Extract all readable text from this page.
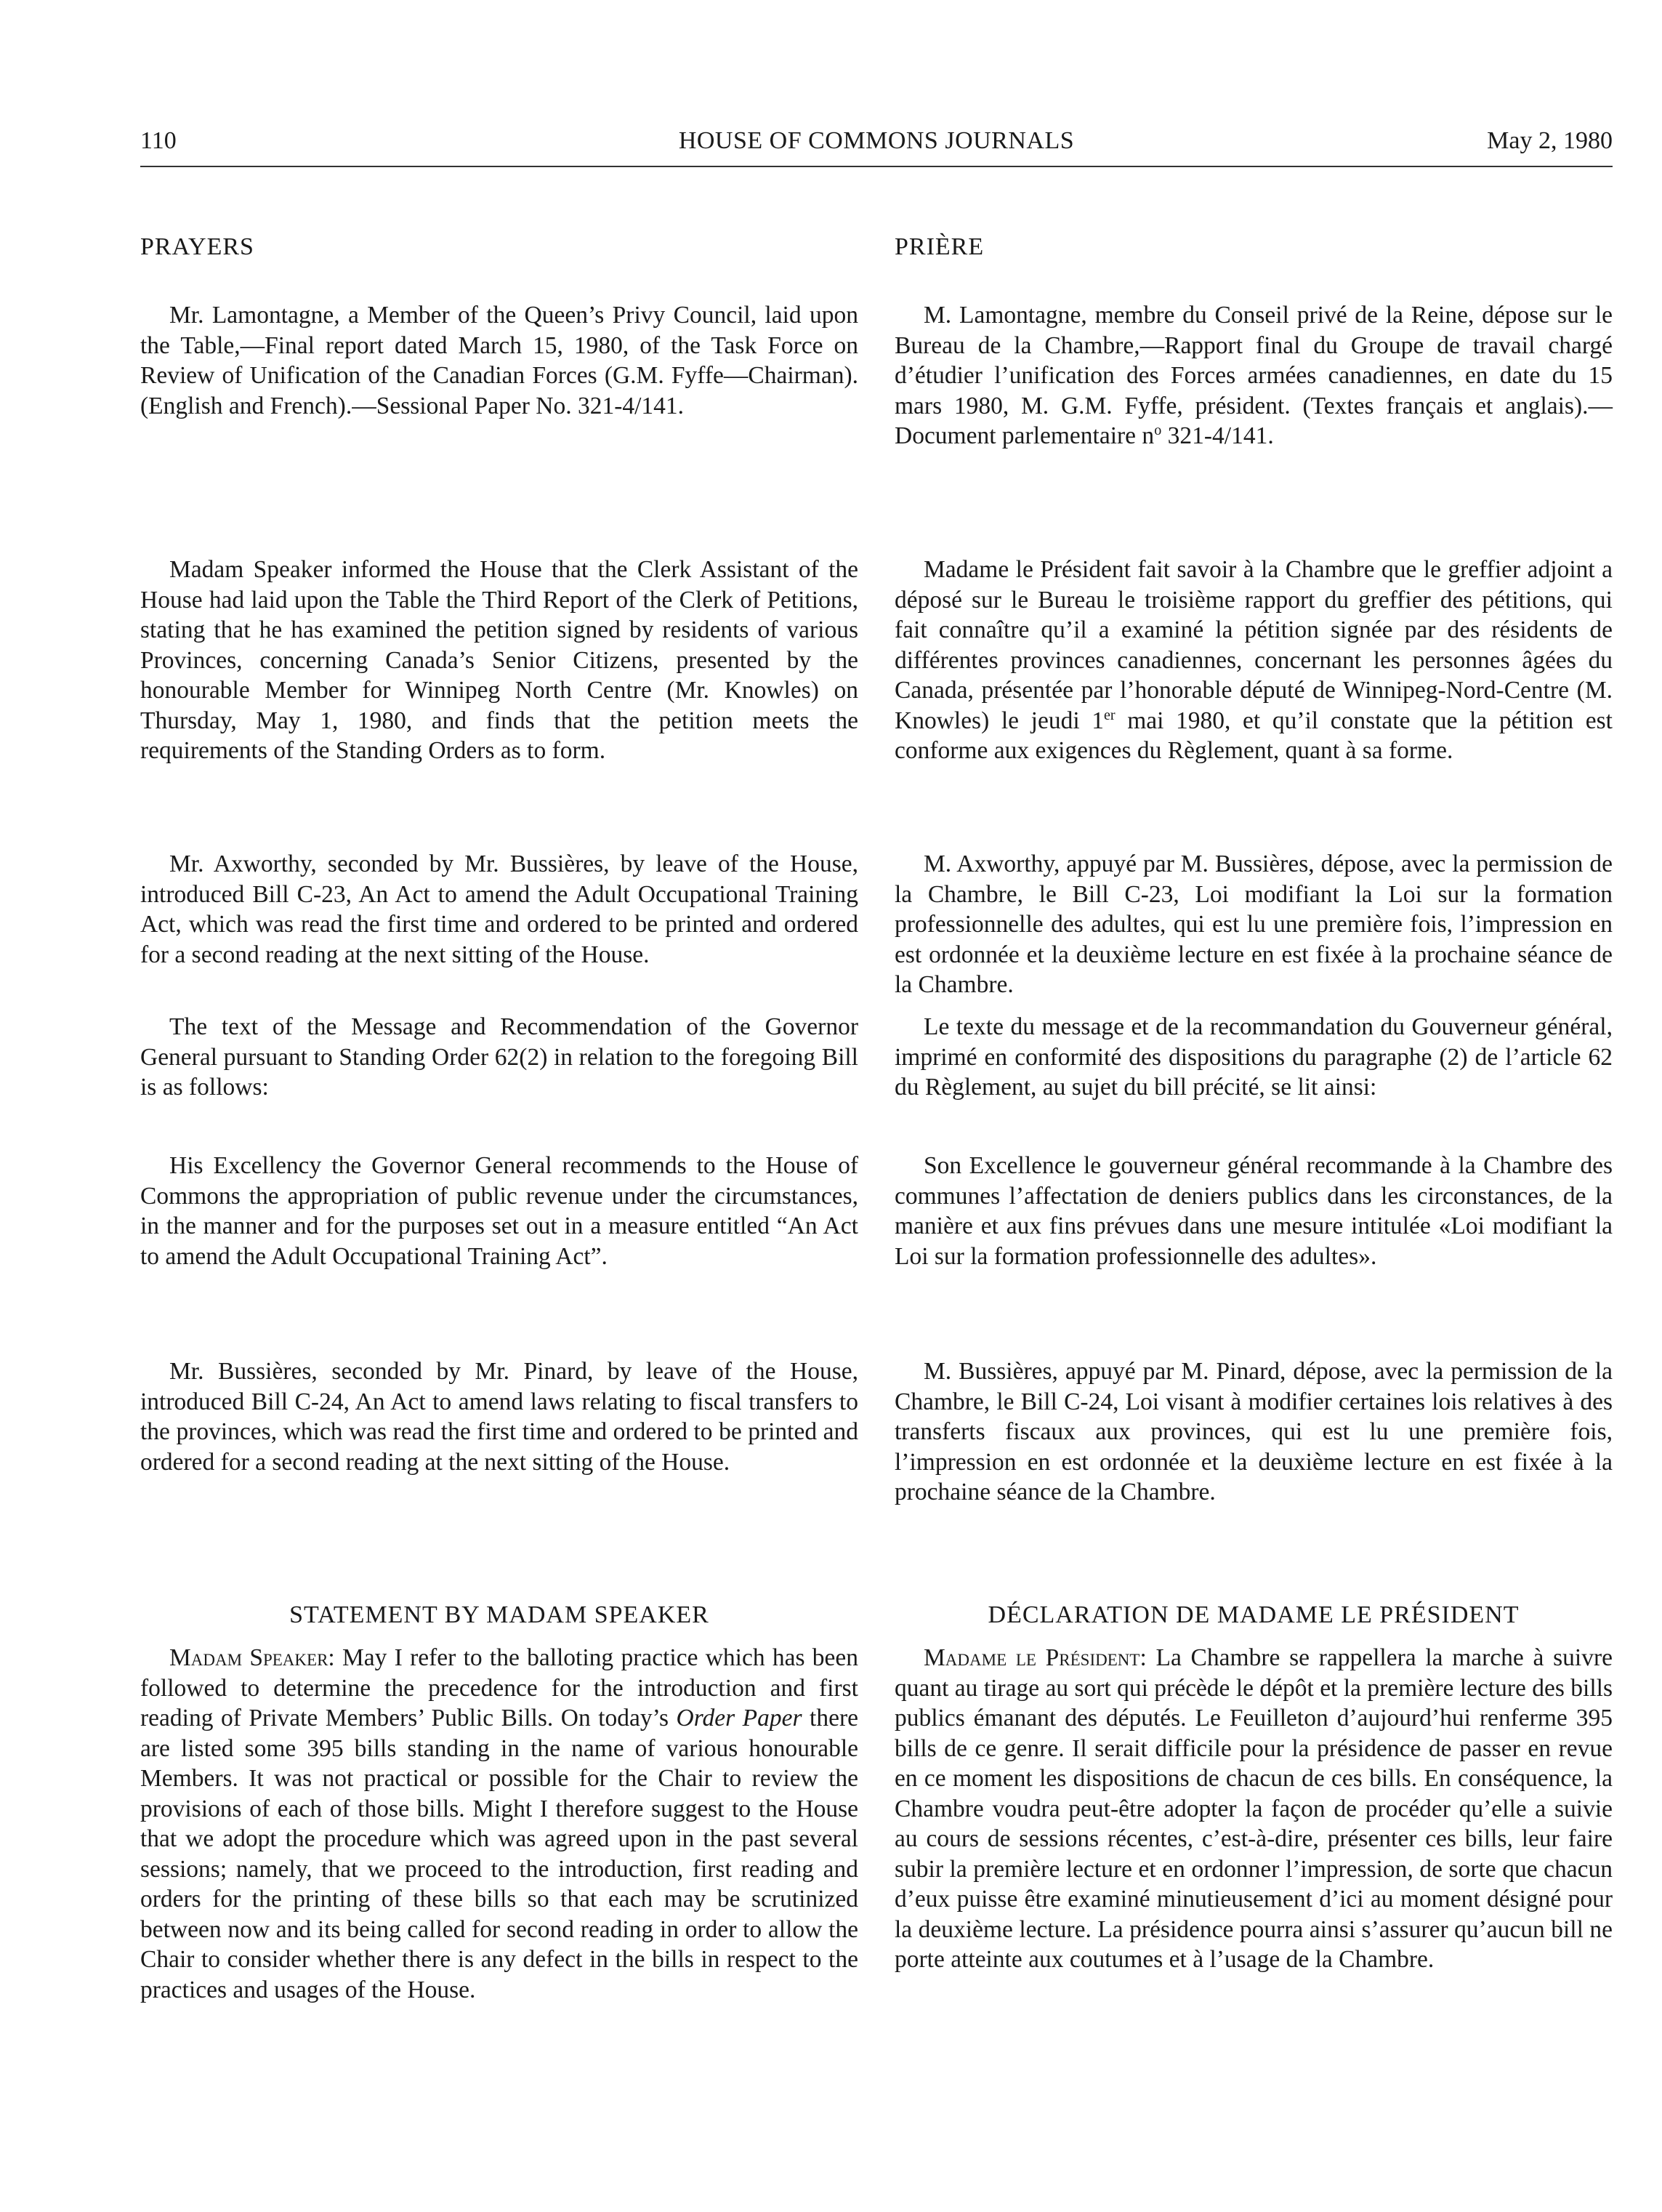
110	HOUSE OF COMMONS JOURNALS	May 2, 1980
PRAYERS

Mr. Lamontagne, a Member of the Queen’s Privy Council, laid upon the Table,—Final report dated March 15, 1980, of the Task Force on Review of Unification of the Canadian Forces (G.M. Fyffe—Chairman). (English and French).—Sessional Paper No. 321-4/141.

Madam Speaker informed the House that the Clerk Assistant of the House had laid upon the Table the Third Report of the Clerk of Petitions, stating that he has examined the petition signed by residents of various Provinces, concerning Canada’s Senior Citizens, presented by the honourable Member for Winnipeg North Centre (Mr. Knowles) on Thursday, May 1, 1980, and finds that the petition meets the requirements of the Standing Orders as to form.

Mr. Axworthy, seconded by Mr. Bussières, by leave of the House, introduced Bill C-23, An Act to amend the Adult Occupational Training Act, which was read the first time and ordered to be printed and ordered for a second reading at the next sitting of the House.

The text of the Message and Recommendation of the Governor General pursuant to Standing Order 62(2) in relation to the foregoing Bill is as follows:

His Excellency the Governor General recommends to the House of Commons the appropriation of public revenue under the circumstances, in the manner and for the purposes set out in a measure entitled “An Act to amend the Adult Occupational Training Act”.

Mr. Bussières, seconded by Mr. Pinard, by leave of the House, introduced Bill C-24, An Act to amend laws relating to fiscal transfers to the provinces, which was read the first time and ordered to be printed and ordered for a second reading at the next sitting of the House.

STATEMENT BY MADAM SPEAKER

Madam Speaker: May I refer to the balloting practice which has been followed to determine the precedence for the introduction and first reading of Private Members’ Public Bills. On today’s Order Paper there are listed some 395 bills standing in the name of various honourable Members. It was not practical or possible for the Chair to review the provisions of each of those bills. Might I therefore suggest to the House that we adopt the procedure which was agreed upon in the past several sessions; namely, that we proceed to the introduction, first reading and orders for the printing of these bills so that each may be scrutinized between now and its being called for second reading in order to allow the Chair to consider whether there is any defect in the bills in respect to the practices and usages of the House.

PRIÈRE

M. Lamontagne, membre du Conseil privé de la Reine, dépose sur le Bureau de la Chambre,—Rapport final du Groupe de travail chargé d’étudier l’unification des Forces armées canadiennes, en date du 15 mars 1980, M. G.M. Fyffe, président. (Textes français et anglais).—Document parlementaire $n^o$ 321-4/141.

Madame le Président fait savoir à la Chambre que le greffier adjoint a déposé sur le Bureau le troisième rapport du greffier des pétitions, qui fait connaître qu’il a examiné la pétition signée par des résidents de différentes provinces canadiennes, concernant les personnes âgées du Canada, présentée par l’honorable député de Winnipeg-Nord-Centre (M. Knowles) le jeudi 1er mai 1980, et qu’il constate que la pétition est conforme aux exigences du Règlement, quant à sa forme.

M. Axworthy, appuyé par M. Bussières, dépose, avec la permission de la Chambre, le Bill C-23, Loi modifiant la Loi sur la formation professionnelle des adultes, qui est lu une première fois, l’impression en est ordonnée et la deuxième lecture en est fixée à la prochaine séance de la Chambre.

Le texte du message et de la recommandation du Gouverneur général, imprimé en conformité des dispositions du paragraphe (2) de l’article 62 du Règlement, au sujet du bill précité, se lit ainsi:

Son Excellence le gouverneur général recommande à la Chambre des communes l’affectation de deniers publics dans les circonstances, de la manière et aux fins prévues dans une mesure intitulée «Loi modifiant la Loi sur la formation professionnelle des adultes».

M. Bussières, appuyé par M. Pinard, dépose, avec la permission de la Chambre, le Bill C-24, Loi visant à modifier certaines lois relatives à des transferts fiscaux aux provinces, qui est lu une première fois, l’impression en est ordonnée et la deuxième lecture en est fixée à la prochaine séance de la Chambre.

DÉCLARATION DE MADAME LE PRÉSIDENT

Madame le Président: La Chambre se rappellera la marche à suivre quant au tirage au sort qui précède le dépôt et la première lecture des bills publics émanant des députés. Le Feuilleton d’aujourd’hui renferme 395 bills de ce genre. Il serait difficile pour la présidence de passer en revue en ce moment les dispositions de chacun de ces bills. En conséquence, la Chambre voudra peut-être adopter la façon de procéder qu’elle a suivie au cours de sessions récentes, c’est-à-dire, présenter ces bills, leur faire subir la première lecture et en ordonner l’impression, de sorte que chacun d’eux puisse être examiné minutieusement d’ici au moment désigné pour la deuxième lecture. La présidence pourra ainsi s’assurer qu’aucun bill ne porte atteinte aux coutumes et à l’usage de la Chambre.
